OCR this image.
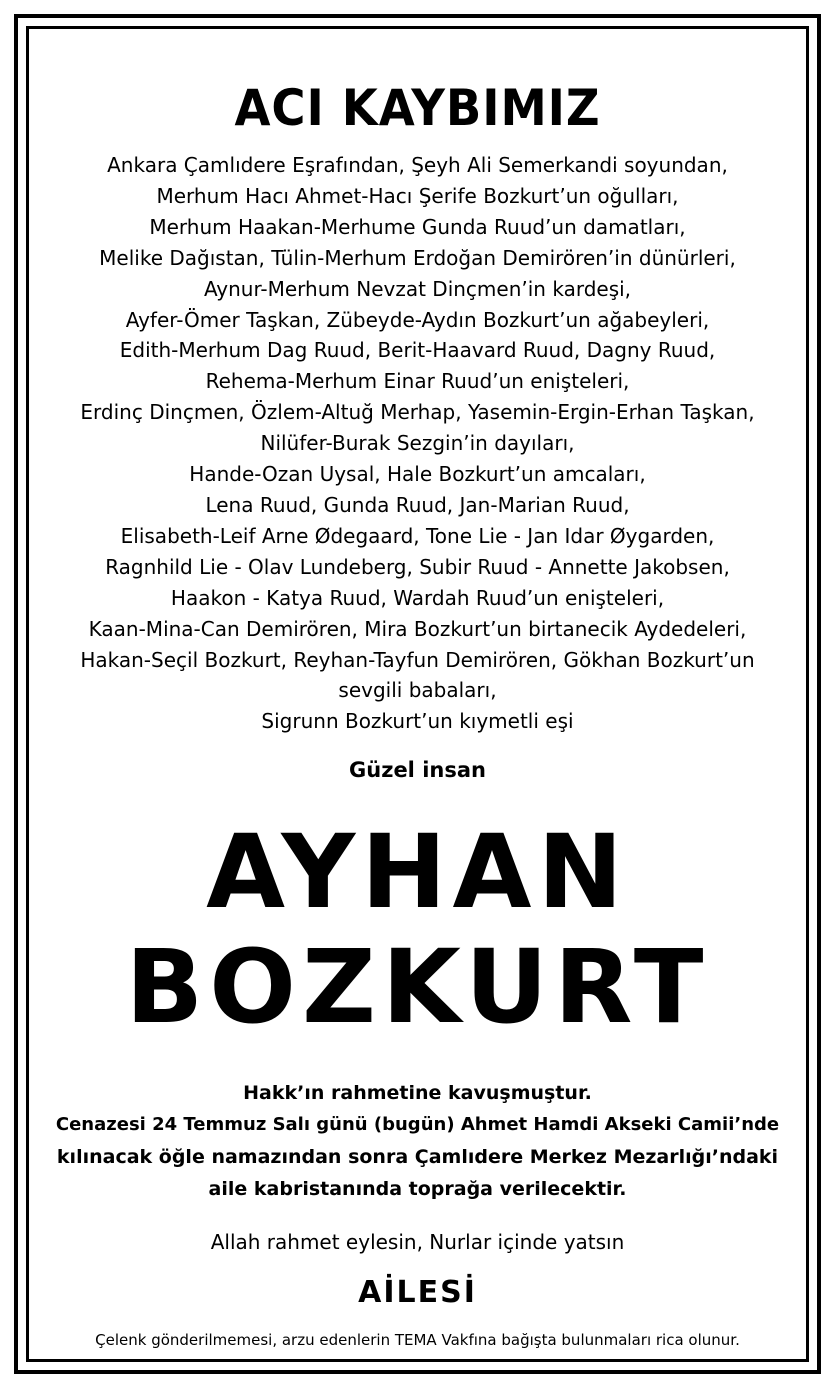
ACI KAYBIMIZ
Ankara Çamlıdere Eşrafından, Şeyh Ali Semerkandi soyundan,
Merhum Hacı Ahmet-Hacı Şerife Bozkurt’un oğulları,
Merhum Haakan-Merhume Gunda Ruud’un damatları,
Melike Dağıstan, Tülin-Merhum Erdoğan Demirören’in dünürleri,
Aynur-Merhum Nevzat Dinçmen’in kardeşi,
Ayfer-Ömer Taşkan, Zübeyde-Aydın Bozkurt’un ağabeyleri,
Edith-Merhum Dag Ruud, Berit-Haavard Ruud, Dagny Ruud,
Rehema-Merhum Einar Ruud’un enişteleri,
Erdinç Dinçmen, Özlem-Altuğ Merhap, Yasemin-Ergin-Erhan Taşkan,
Nilüfer-Burak Sezgin’in dayıları,
Hande-Ozan Uysal, Hale Bozkurt’un amcaları,
Lena Ruud, Gunda Ruud, Jan-Marian Ruud,
Elisabeth-Leif Arne Ødegaard, Tone Lie - Jan Idar Øygarden,
Ragnhild Lie - Olav Lundeberg, Subir Ruud - Annette Jakobsen,
Haakon - Katya Ruud, Wardah Ruud’un enişteleri,
Kaan-Mina-Can Demirören, Mira Bozkurt’un birtanecik Aydedeleri,
Hakan-Seçil Bozkurt, Reyhan-Tayfun Demirören, Gökhan Bozkurt’un
sevgili babaları,
Sigrunn Bozkurt’un kıymetli eşi
Güzel insan
AYHAN
BOZKURT
Hakk’ın rahmetine kavuşmuştur.
Cenazesi 24 Temmuz Salı günü (bugün) Ahmet Hamdi Akseki Camii’nde
kılınacak öğle namazından sonra Çamlıdere Merkez Mezarlığı’ndaki
aile kabristanında toprağa verilecektir.
Allah rahmet eylesin, Nurlar içinde yatsın
AİLESİ
Çelenk gönderilmemesi, arzu edenlerin TEMA Vakfına bağışta bulunmaları rica olunur.
